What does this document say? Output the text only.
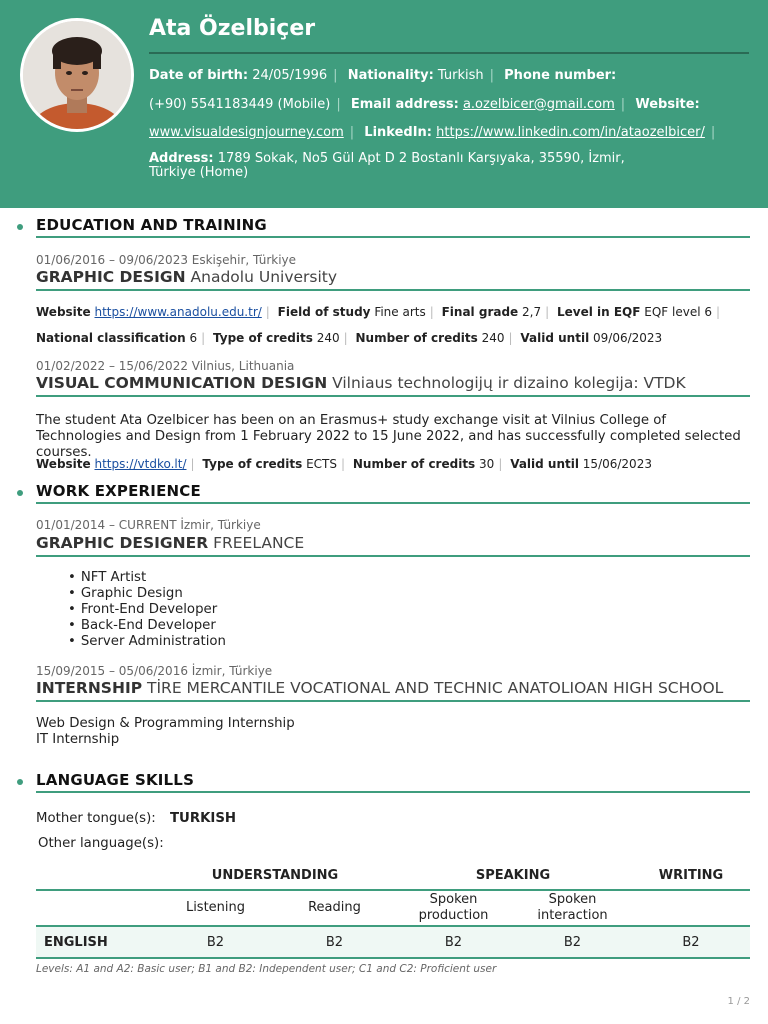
Ata Özelbiçer
Date of birth: 24/05/1996 | Nationality: Turkish | Phone number:
(+90) 5541183449 (Mobile) | Email address: a.ozelbicer@gmail.com | Website:
www.visualdesignjourney.com | LinkedIn: https://www.linkedin.com/in/ataozelbicer/ |
Address: 1789 Sokak, No5 Gül Apt D 2 Bostanlı Karşıyaka, 35590, İzmir,
Türkiye (Home)
EDUCATION AND TRAINING
01/06/2016 – 09/06/2023 Eskişehir, Türkiye
GRAPHIC DESIGN Anadolu University
Website https://www.anadolu.edu.tr/ | Field of study Fine arts | Final grade 2,7 | Level in EQF EQF level 6 |
National classification 6 | Type of credits 240 | Number of credits 240 | Valid until 09/06/2023
01/02/2022 – 15/06/2022 Vilnius, Lithuania
VISUAL COMMUNICATION DESIGN Vilniaus technologijų ir dizaino kolegija: VTDK
The student Ata Ozelbicer has been on an Erasmus+ study exchange visit at Vilnius College of Technologies and Design from 1 February 2022 to 15 June 2022, and has successfully completed selected courses.
Website https://vtdko.lt/ | Type of credits ECTS | Number of credits 30 | Valid until 15/06/2023
WORK EXPERIENCE
01/01/2014 – CURRENT İzmir, Türkiye
GRAPHIC DESIGNER FREELANCE
• NFT Artist
• Graphic Design
• Front-End Developer
• Back-End Developer
• Server Administration
15/09/2015 – 05/06/2016 İzmir, Türkiye
INTERNSHIP TİRE MERCANTILE VOCATIONAL AND TECHNIC ANATOLIOAN HIGH SCHOOL
Web Design & Programming Internship
IT Internship
LANGUAGE SKILLS
Mother tongue(s): TURKISH
Other language(s):
	UNDERSTANDING		SPEAKING		WRITING
	Listening	Reading	Spoken production	Spoken interaction	
ENGLISH	B2	B2	B2	B2	B2
Levels: A1 and A2: Basic user; B1 and B2: Independent user; C1 and C2: Proficient user
1 / 2
